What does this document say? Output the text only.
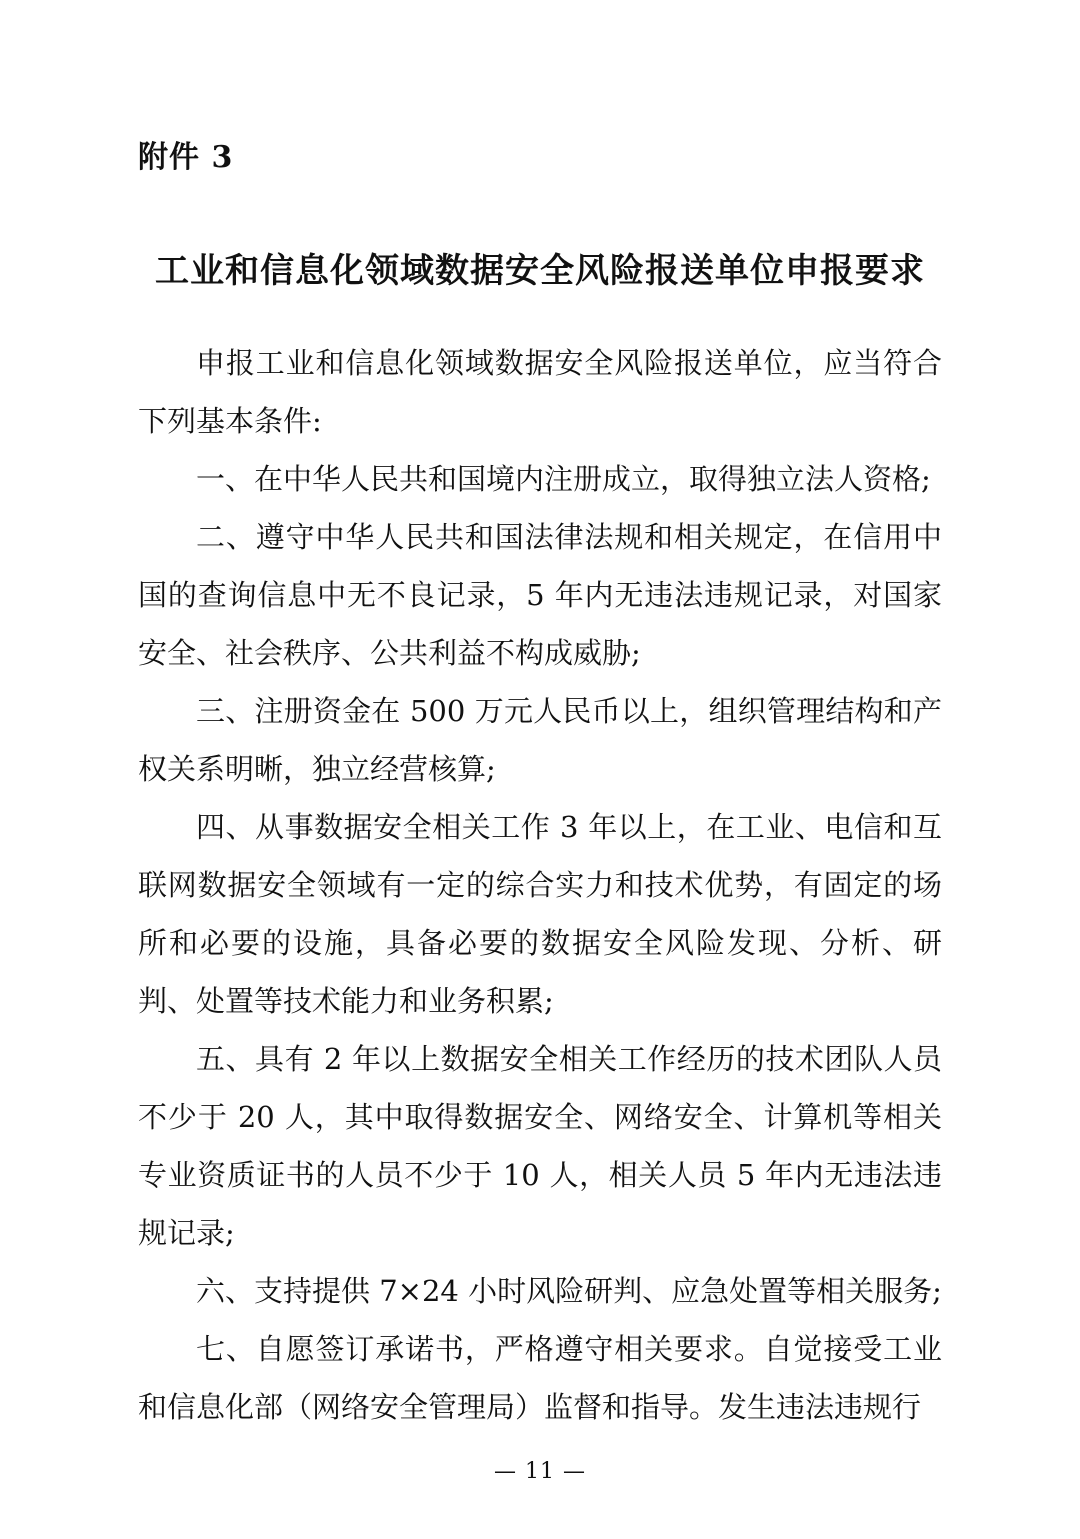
附件 3
工业和信息化领域数据安全风险报送单位申报要求

申报工业和信息化领域数据安全风险报送单位，应当符合下列基本条件:

一、在中华人民共和国境内注册成立，取得独立法人资格;

二、遵守中华人民共和国法律法规和相关规定，在信用中国的查询信息中无不良记录，5 年内无违法违规记录，对国家安全、社会秩序、公共利益不构成威胁;

三、注册资金在 500 万元人民币以上，组织管理结构和产权关系明晰，独立经营核算;

四、从事数据安全相关工作 3 年以上，在工业、电信和互联网数据安全领域有一定的综合实力和技术优势，有固定的场所和必要的设施，具备必要的数据安全风险发现、分析、研判、处置等技术能力和业务积累;

五、具有 2 年以上数据安全相关工作经历的技术团队人员不少于 20 人，其中取得数据安全、网络安全、计算机等相关专业资质证书的人员不少于 10 人，相关人员 5 年内无违法违规记录;

六、支持提供 7×24 小时风险研判、应急处置等相关服务;

七、自愿签订承诺书，严格遵守相关要求。自觉接受工业和信息化部（网络安全管理局）监督和指导。发生违法违规行

— 11 —
